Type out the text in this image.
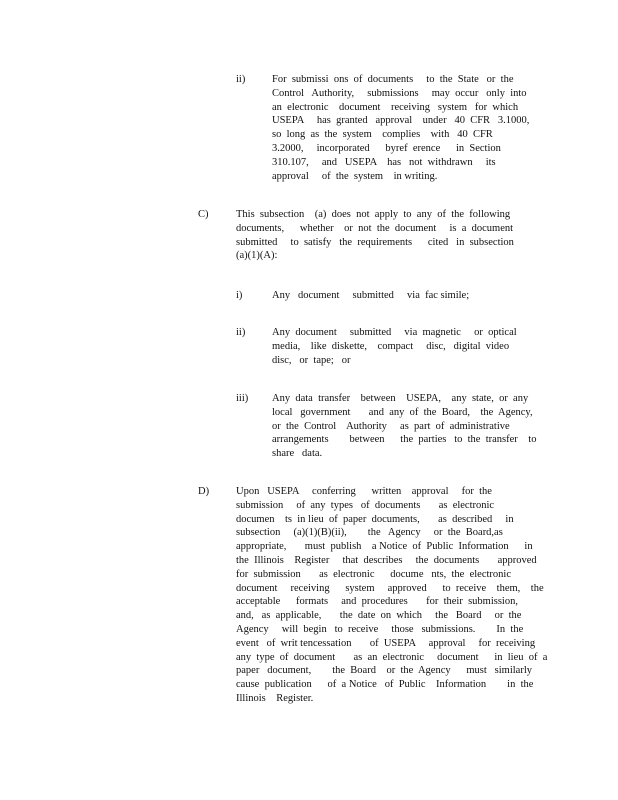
ii)	For  submissi  ons  of  documents     to  the  State   or  the
Control   Authority,     submissions     may  occur   only  into
an  electronic    document    receiving   system   for  which
USEPA     has  granted   approval    under   40  CFR   3.1000,
so  long  as  the  system    complies    with   40  CFR
3.2000,     incorporated      byref  erence      in  Section
310.107,     and   USEPA    has   not  withdrawn     its
approval     of  the  system    in writing.
C)	This  subsection    (a)  does  not  apply  to  any  of  the  following
documents,      whether    or  not  the  document     is  a  document
submitted     to  satisfy   the  requirements      cited   in  subsection
(a)(1)(A):
i)	Any   document     submitted     via  fac simile;
ii)	Any  document     submitted     via  magnetic     or  optical
media,    like  diskette,    compact     disc,   digital  video
disc,   or  tape;   or
iii) Any  data  transfer    between    USEPA,    any  state,  or  any
local   government       and  any  of  the  Board,    the  Agency,
or  the  Control    Authority     as  part  of  administrative
arrangements        between      the  parties   to  the  transfer    to
share   data.
D)	Upon   USEPA     conferring      written    approval     for  the
submission     of  any  types   of  documents       as  electronic
documen    ts  in lieu  of  paper  documents,       as  described     in
subsection     (a)(1)(B)(ii),        the   Agency     or  the  Board,as
appropriate,       must  publish    a Notice  of  Public  Information      in
the  Illinois    Register     that  describes     the  documents       approved
for  submission       as  electronic      docume   nts,  the  electronic
document     receiving      system     approved      to  receive    them,    the
acceptable      formats     and  procedures       for  their  submission,
and,   as  applicable,       the  date  on  which     the   Board     or  the
Agency     will  begin   to  receive     those   submissions.        In  the
event   of  writ tencessation       of  USEPA     approval     for  receiving
any  type  of  document       as  an  electronic     document      in  lieu  of  a
paper   document,        the  Board    or  the  Agency      must   similarly
cause  publication      of  a Notice   of  Public    Information        in  the
Illinois    Register.
